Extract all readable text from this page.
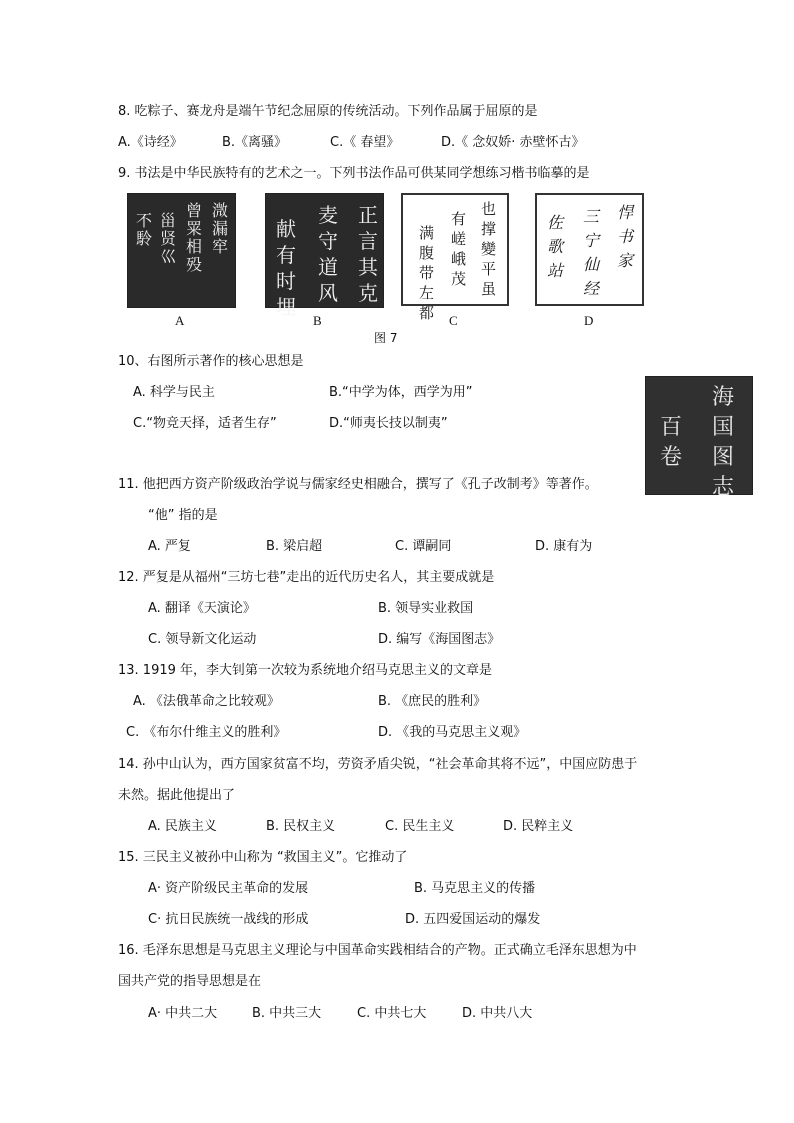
8. 吃粽子、赛龙舟是端午节纪念屈原的传统活动。下列作品属于屈原的是
A.《诗经》	B.《离骚》	C.《 春望》	D.《 念奴娇· 赤壁怀古》
9. 书法是中华民族特有的艺术之一。下列书法作品可供某同学想练习楷书临摹的是
溦
漏
窂
曾
䍘
相
殁
甾
贤
巛
不
駖
A
正
言
其
克
麦
守
道
风
献
有
时
埋
B
也
撑
變
平
虽
有
嵯
峨
茂
满
腹
带
左
都 C
悍
书
家
三
宁
仙
经
佐
歌
站
D
图 7
10、右图所示著作的核心思想是
A. 科学与民主	B.“中学为体，西学为用”
C.“物竞天择，适者生存”	D.“师夷长技以制夷”
海
国
图
志
百
卷
11. 他把西方资产阶级政治学说与儒家经史相融合，撰写了《孔子改制考》等著作。
“他” 指的是
A. 严复	B. 梁启超	C. 谭嗣同	D. 康有为
12. 严复是从福州“三坊七巷”走出的近代历史名人，其主要成就是
A. 翻译《天演论》	B. 领导实业救国
C. 领导新文化运动	D. 编写《海国图志》
13. 1919 年，李大钊第一次较为系统地介绍马克思主义的文章是
A. 《法俄革命之比较观》	B. 《庶民的胜利》
C. 《布尔什维主义的胜利》	D. 《我的马克思主义观》
14. 孙中山认为，西方国家贫富不均，劳资矛盾尖锐，“社会革命其将不远”，中国应防患于
未然。据此他提出了
A. 民族主义	B. 民权主义	C. 民生主义	D. 民粹主义
15. 三民主义被孙中山称为 “救国主义”。它推动了
A· 资产阶级民主革命的发展	B. 马克思主义的传播
C· 抗日民族统一战线的形成	D. 五四爱国运动的爆发
16. 毛泽东思想是马克思主义理论与中国革命实践相结合的产物。正式确立毛泽东思想为中
国共产党的指导思想是在
A· 中共二大	B. 中共三大	C. 中共七大	D. 中共八大
